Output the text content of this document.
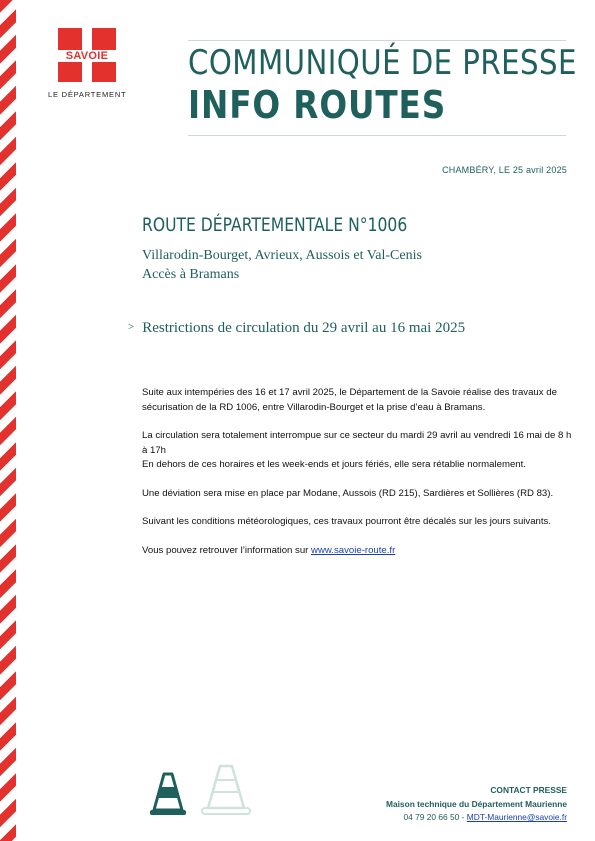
SAVOIE
LE DÉPARTEMENT
COMMUNIQUÉ DE PRESSE
INFO ROUTES
CHAMBÉRY, LE 25 avril 2025
ROUTE DÉPARTEMENTALE N°1006
Villarodin-Bourget, Avrieux, Aussois et Val-Cenis
Accès à Bramans
> Restrictions de circulation du 29 avril au 16 mai 2025

Suite aux intempéries des 16 et 17 avril 2025, le Département de la Savoie réalise des travaux de sécurisation de la RD 1006, entre Villarodin-Bourget et la prise d’eau à Bramans.

La circulation sera totalement interrompue sur ce secteur du mardi 29 avril au vendredi 16 mai de 8 h à 17h
En dehors de ces horaires et les week-ends et jours fériés, elle sera rétablie normalement.

Une déviation sera mise en place par Modane, Aussois (RD 215), Sardières et Sollières (RD 83).

Suivant les conditions météorologiques, ces travaux pourront être décalés sur les jours suivants.

Vous pouvez retrouver l’information sur www.savoie-route.fr

CONTACT PRESSE
Maison technique du Département Maurienne
04 79 20 66 50 - MDT-Maurienne@savoie.fr
